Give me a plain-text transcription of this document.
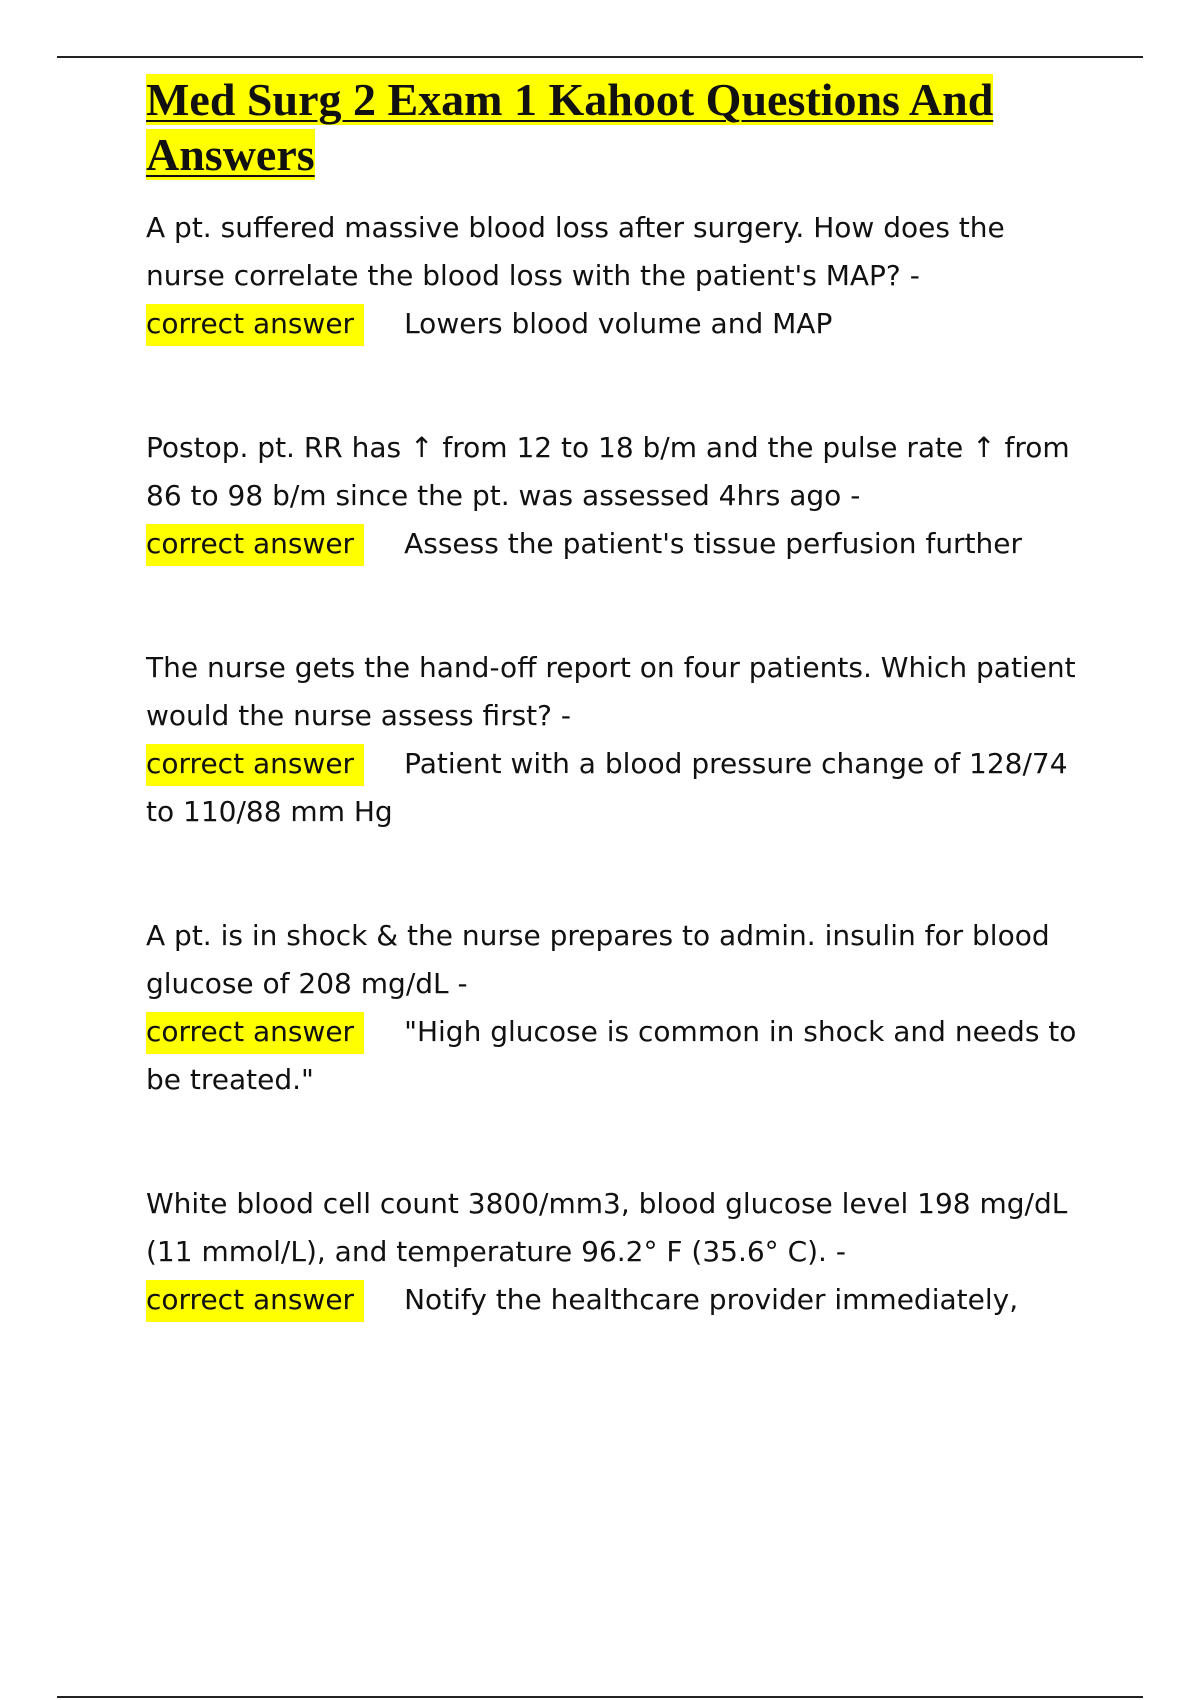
Med Surg 2 Exam 1 Kahoot Questions And Answers

A pt. suffered massive blood loss after surgery. How does the nurse correlate the blood loss with the patient's MAP? -

correct answer Lowers blood volume and MAP

Postop. pt. RR has ↑ from 12 to 18 b/m and the pulse rate ↑ from 86 to 98 b/m since the pt. was assessed 4hrs ago -

correct answer Assess the patient's tissue perfusion further

The nurse gets the hand-off report on four patients. Which patient would the nurse assess first? -

correct answer Patient with a blood pressure change of 128/74 to 110/88 mm Hg

A pt. is in shock & the nurse prepares to admin. insulin for blood glucose of 208 mg/dL -

correct answer "High glucose is common in shock and needs to be treated."

White blood cell count 3800/mm3, blood glucose level 198 mg/dL (11 mmol/L), and temperature 96.2° F (35.6° C). -

correct answer Notify the healthcare provider immediately,
